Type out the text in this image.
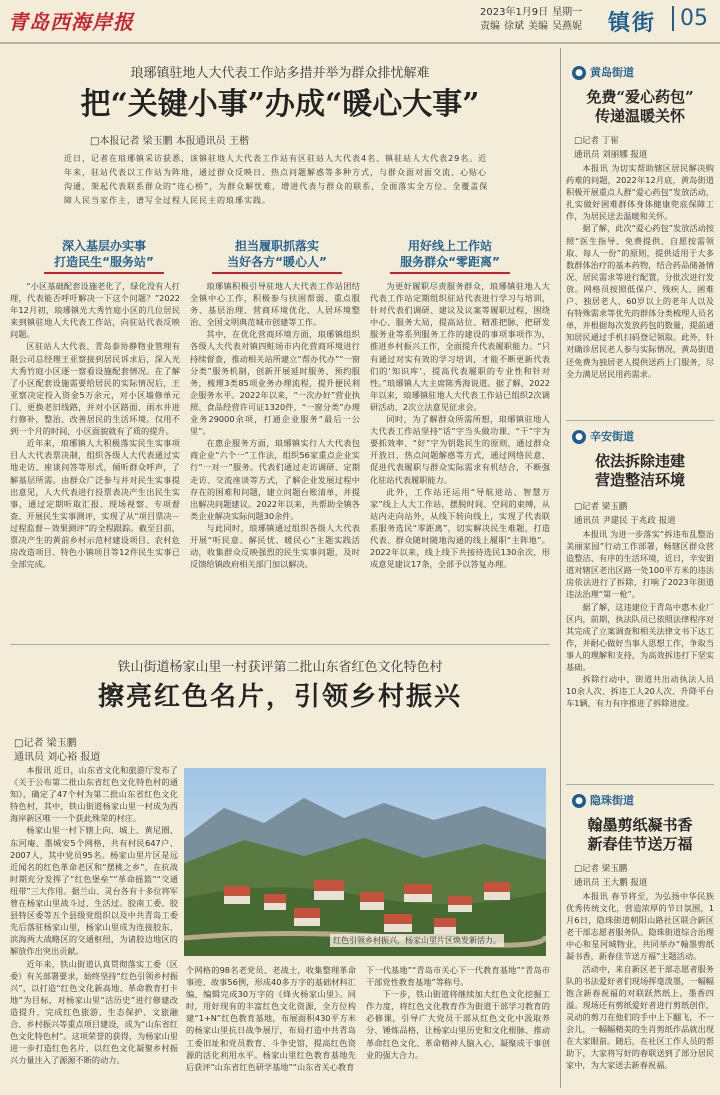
青岛西海岸报	2023年1月9日 星期一
责编 徐斌 美编 吴燕妮 镇街	05
琅琊镇驻地人大代表工作站多措并举为群众排忧解难
把“关键小事”办成“暖心大事”
□本报记者 梁玉鹏 本报通讯员 王楷
近日，记者在琅琊镇采访获悉，该镇驻地人大代表工作站有区驻站人大代表4名、镇驻站人大代表29名。近年来，驻站代表以工作站为阵地，通过群众反映日、热点问题解惑等多种方式，与群众面对面交流、心贴心沟通，架起代表联系群众的“连心桥”，为群众解忧难，增进代表与群众的联系，全面落实全方位、全覆盖保障人民当家作主，谱写全过程人民民主的琅琊实践。
深入基层办实事
打造民生“服务站”
担当履职抓落实
当好各方“暖心人”
用好线上工作站
服务群众“零距离”

“小区基础配套设施老化了，绿化没有人打理，代表能否呼吁解决一下这个问题？”2022年12月初，琅琊镇光大秀竹庭小区的几位居民来到镇驻地人大代表工作站，向驻站代表反映问题。

区驻站人大代表、青岛泰协静物业管理有限公司总经理王亚察接到居民诉求后，深入光大秀竹庭小区逐一察看设施配套情况。在了解了小区配套设施需要给居民的实际情况后，王亚察决定投入资金5万余元，对小区墙修单元门、更换老旧线路，并对小区路面、雨水井进行修补，整治、改善居民的生活环境。仅用不到一个月的时间，小区面貌就有了质的提升。

近年来，琅琊镇人大积极落实民生实事项目人大代表票决制，组织各级人大代表通过实地走访、座谈问答等形式，倾听群众呼声，了解基层所需。由群众广泛参与并对民生实事提出意见，人大代表进行投票表决产生出民生实事，通过定期听取汇报、现场视察、专项督查、开展民生实事测评，实现了从“项目票决－过程监督－效果测评”的全程跟踪。截至目前，票决产生的黄前乡村示范村建设项目、农村危房改造项目、特色小镇项目等12件民生实事已全部完成。

琅琊镇积极引导驻地人大代表工作站团结全镇中心工作，积极参与扶困帮弱、重点服务、基层治理、营商环境优化、人居环境整治、全国文明典范城市创建等工作。

其中，在优化营商环境方面，琅琊镇组织各级人大代表对镇四赃场市内化营商环境进行持续督查，推动相关站所建立“帮办代办”“一窗分类”服务机制，创新开展延时服务、预约服务，梳理3类85项业务办理流程，提升便民利企服务水平。2022年以来，“一次办好”营业执照、食品经营许可证1320件，“一窗分类”办理业务29000余项，打通企业服务“最后一公里”。

在惠企服务方面，琅琊镇实行人大代表包商企业“六个一”工作法，组织56家重点企业实行“一对一”服务。代表们通过走访调研、定期走访、交流座谈等方式，了解企业发展过程中存在的困难和问题，建立问题台账清单，并提出解决问题建议。2022年以来，共帮助全镇各类企业解决实际问题30余件。

与此同时，琅琊镇通过组织各级人大代表开展“听民意、解民忧、暖民心”主题实践活动，收集群众反映强烈的民生实事问题，及时反馈给镇政府相关部门加以解决。

为更好履职尽责服务群众，琅琊镇驻地人大代表工作站定期组织驻站代表进行学习与培训，针对代表们调研、建议及议案等履职过程，围绕中心、服务大局，提高站位、精准把脉，把研发服务业等系列服务工作的建设的事项事项作为，推进乡村振兴工作，全面提升代表履职能力。“只有通过对实有效的学习培训，才能不断更新代表们的‘知识库’，提高代表履职的专业性和针对性。”琅琊镇人大主席陈秀海说道。据了解，2022年以来，琅琊镇驻地人大代表工作站已组织2次调研活动、2次立法意见征求会。

同时，为了解群众所需所想，琅琊镇驻地人大代表工作站坚持“话”字当头做功课、“干”字为要抓效率、“好”字为钥匙民生的原则，通过群众开放日、热点问题解惑等方式，通过网络民意、促进代表履职与群众实际需求有机结合，不断强化驻站代表履职能力。

此外，工作站还运用“导航进站、智慧万家”线上人大工作站，摆脱时间、空间的束缚，从站内走向站外，从线下转向线上，实现了代表联系服务选民“零距离”，切实解决民生难题，打造代表、群众随时随地沟通的线上履职“主阵地”。2022年以来，线上线下共接待选民130余次，形成意见建议17条，全部予以答复办理。

铁山街道杨家山里一村获评第二批山东省红色文化特色村
擦亮红色名片，引领乡村振兴
□记者 梁玉鹏
通讯员 刘心裕 报道

本报讯 近日，山东省文化和旅游厅发布了《关于公布第二批山东省红色文化特色村的通知》，确定了47个村为第二批山东省红色文化特色村，其中，铁山街道杨家山里一村成为西海岸新区唯一一个获此殊荣的村庄。

杨家山里一村下辖上向、城上、黄尼圈、东河庵、墨城安5个网格，共有村民647户、2007人，其中党员95名。杨家山里片区是远近闻名的红色革命老区和“摆桃之乡”，在抗战时期充分发挥了“红色堡垒”“革命摇篮”“交通纽带”三大作用。据兰山、灵台各有十多位将军曾在杨家山里战斗过、生活过。胶南工委、胶县特区委等五个县级党组织以及中共青岛工委先后落驻杨家山里，杨家山里成为连接胶东、滨海两大战略区的交通枢纽，为诸胶边地区的解放作出突出贡献。

近年来，铁山街道认真贯彻落实工委（区委）有关部署要求，始终坚持“红色引领乡村振兴”，以打造“红色文化新高地、革命教育打卡地”为目标，对杨家山里“活历史”进行修建改造提升，完成红色旅游、生态保护、文旅融合、乡村振兴等重点项目建设，成为“山东省红色文化特色村”。这项荣誉的获得，为杨家山里进一步打造红色名片、以红色文化凝聚乡村振兴力量注入了源源不断的动力。

红色引领乡村振兴，杨家山里片区焕发新活力。

个网格的98名老党员、老战士，收集整理革命事迹、故事56例，形成40多万字的基础材料汇编，编辑完成30万字的《烽火杨家山里》。同时，用好现有的丰富红色文化资源，全方位构建“1+N”红色教育基地，布展面积430平方米的杨家山里抗日战争展厅，布局打造中共青岛工委旧址和党员教育、斗争史馆，提高红色资源的活化利用水平。杨家山里红色教育基地先后获评“山东省红色研学基地”“山东省关心教育

下一代基地”“青岛市关心下一代教育基地”“青岛市干部党性教育基地”等称号。

下一步，铁山街道将继续加大红色文化挖掘工作力度，将红色文化教育作为街道干部学习教育的必修课，引导广大党员干部从红色文化中汲取养分、锤炼品格，让杨家山里历史和文化根脉、推动革命红色文化、革命精神人脑入心，凝聚成干事创业的强大合力。

● 黄岛街道
免费“爱心药包”
传递温暖关怀
□记者 丁崔
通讯员 刘丽娜 报道

本报讯 为切实帮助辖区居民解决购药难的问题，2022年12月底，黄岛街道积极开展重点人群“爱心药包”发放活动，扎实做好困难群体身体健康兜底保障工作，为居民送去温暖和关怀。

据了解，此次“爱心药包”发放活动按照“医生指导、免费提供、自愿按需领取、每人一份”的原则，提供适用于大多数群体治疗的基本药物，结合药品储备情况、居民需求等进行配置，分批次进行发放。网格员按照低保户、残疾人、困难户、独居老人、60岁以上的老年人以及有特殊需求等优先的群体分类梳理人员名单，并根据每次发放药包的数量，提前通知居民通过手机扫码登记领取。此外，针对确诊居民老人参与实际情况，黄岛街道还免费为独居老人提供送药上门服务，尽全力满足居民用药需求。

● 辛安街道
依法拆除违建
营造整洁环境
□记者 梁玉鹏
通讯员 尹建民 于兆政 报道

本报讯 为进一步落实“拆违布乱整治美丽家园”行动工作部署，畅辖区群众营造整洁、有序的生活环境，近日，辛安街道对辖区老出区路一处100平方米的违法房依法进行了拆除，打响了2023年街道违法治理“第一枪”。

据了解，这违建位于青岛中惠木业厂区内，前期，执法队员已依照法律程序对其完成了立案调查和相关法律文书下达工作，并耐心做好当事人思想工作，争取当事人的理解和支持，为高效拆违打下坚实基础。

拆除行动中，街道共出动执法人员10余人次、拆违工人20人次、升降平台车1辆，有力有序推进了拆除进度。

● 隐珠街道
翰墨剪纸凝书香
新春佳节送万福
□记者 梁玉鹏
通讯员 王大鹏 报道

本报讯 春节将至，为弘扬中华民族优秀传统文化，营造浓厚的节日氛围，1月6日，隐珠街道朝阳山路社区联合新区老干部志愿者服务队、隐珠街道综合治理中心和星河城物业，共同举办“翰墨剪纸凝书香，新春佳节送万福”主题活动。

活动中，来自新区老干部志愿者服务队的书法爱好者们现场挥毫泼墨，一幅幅饱含新春祝福的对联跃然纸上，墨香四溢。现场还有剪纸爱好者进行剪纸创作，灵动的剪刀在他们的手中上下翻飞，不一会儿，一幅幅精美的生肖剪纸作品就出现在大家眼前。随后，在社区工作人员的帮助下，大家将写好的春联送到了部分居民家中，为大家送去新春祝福。
